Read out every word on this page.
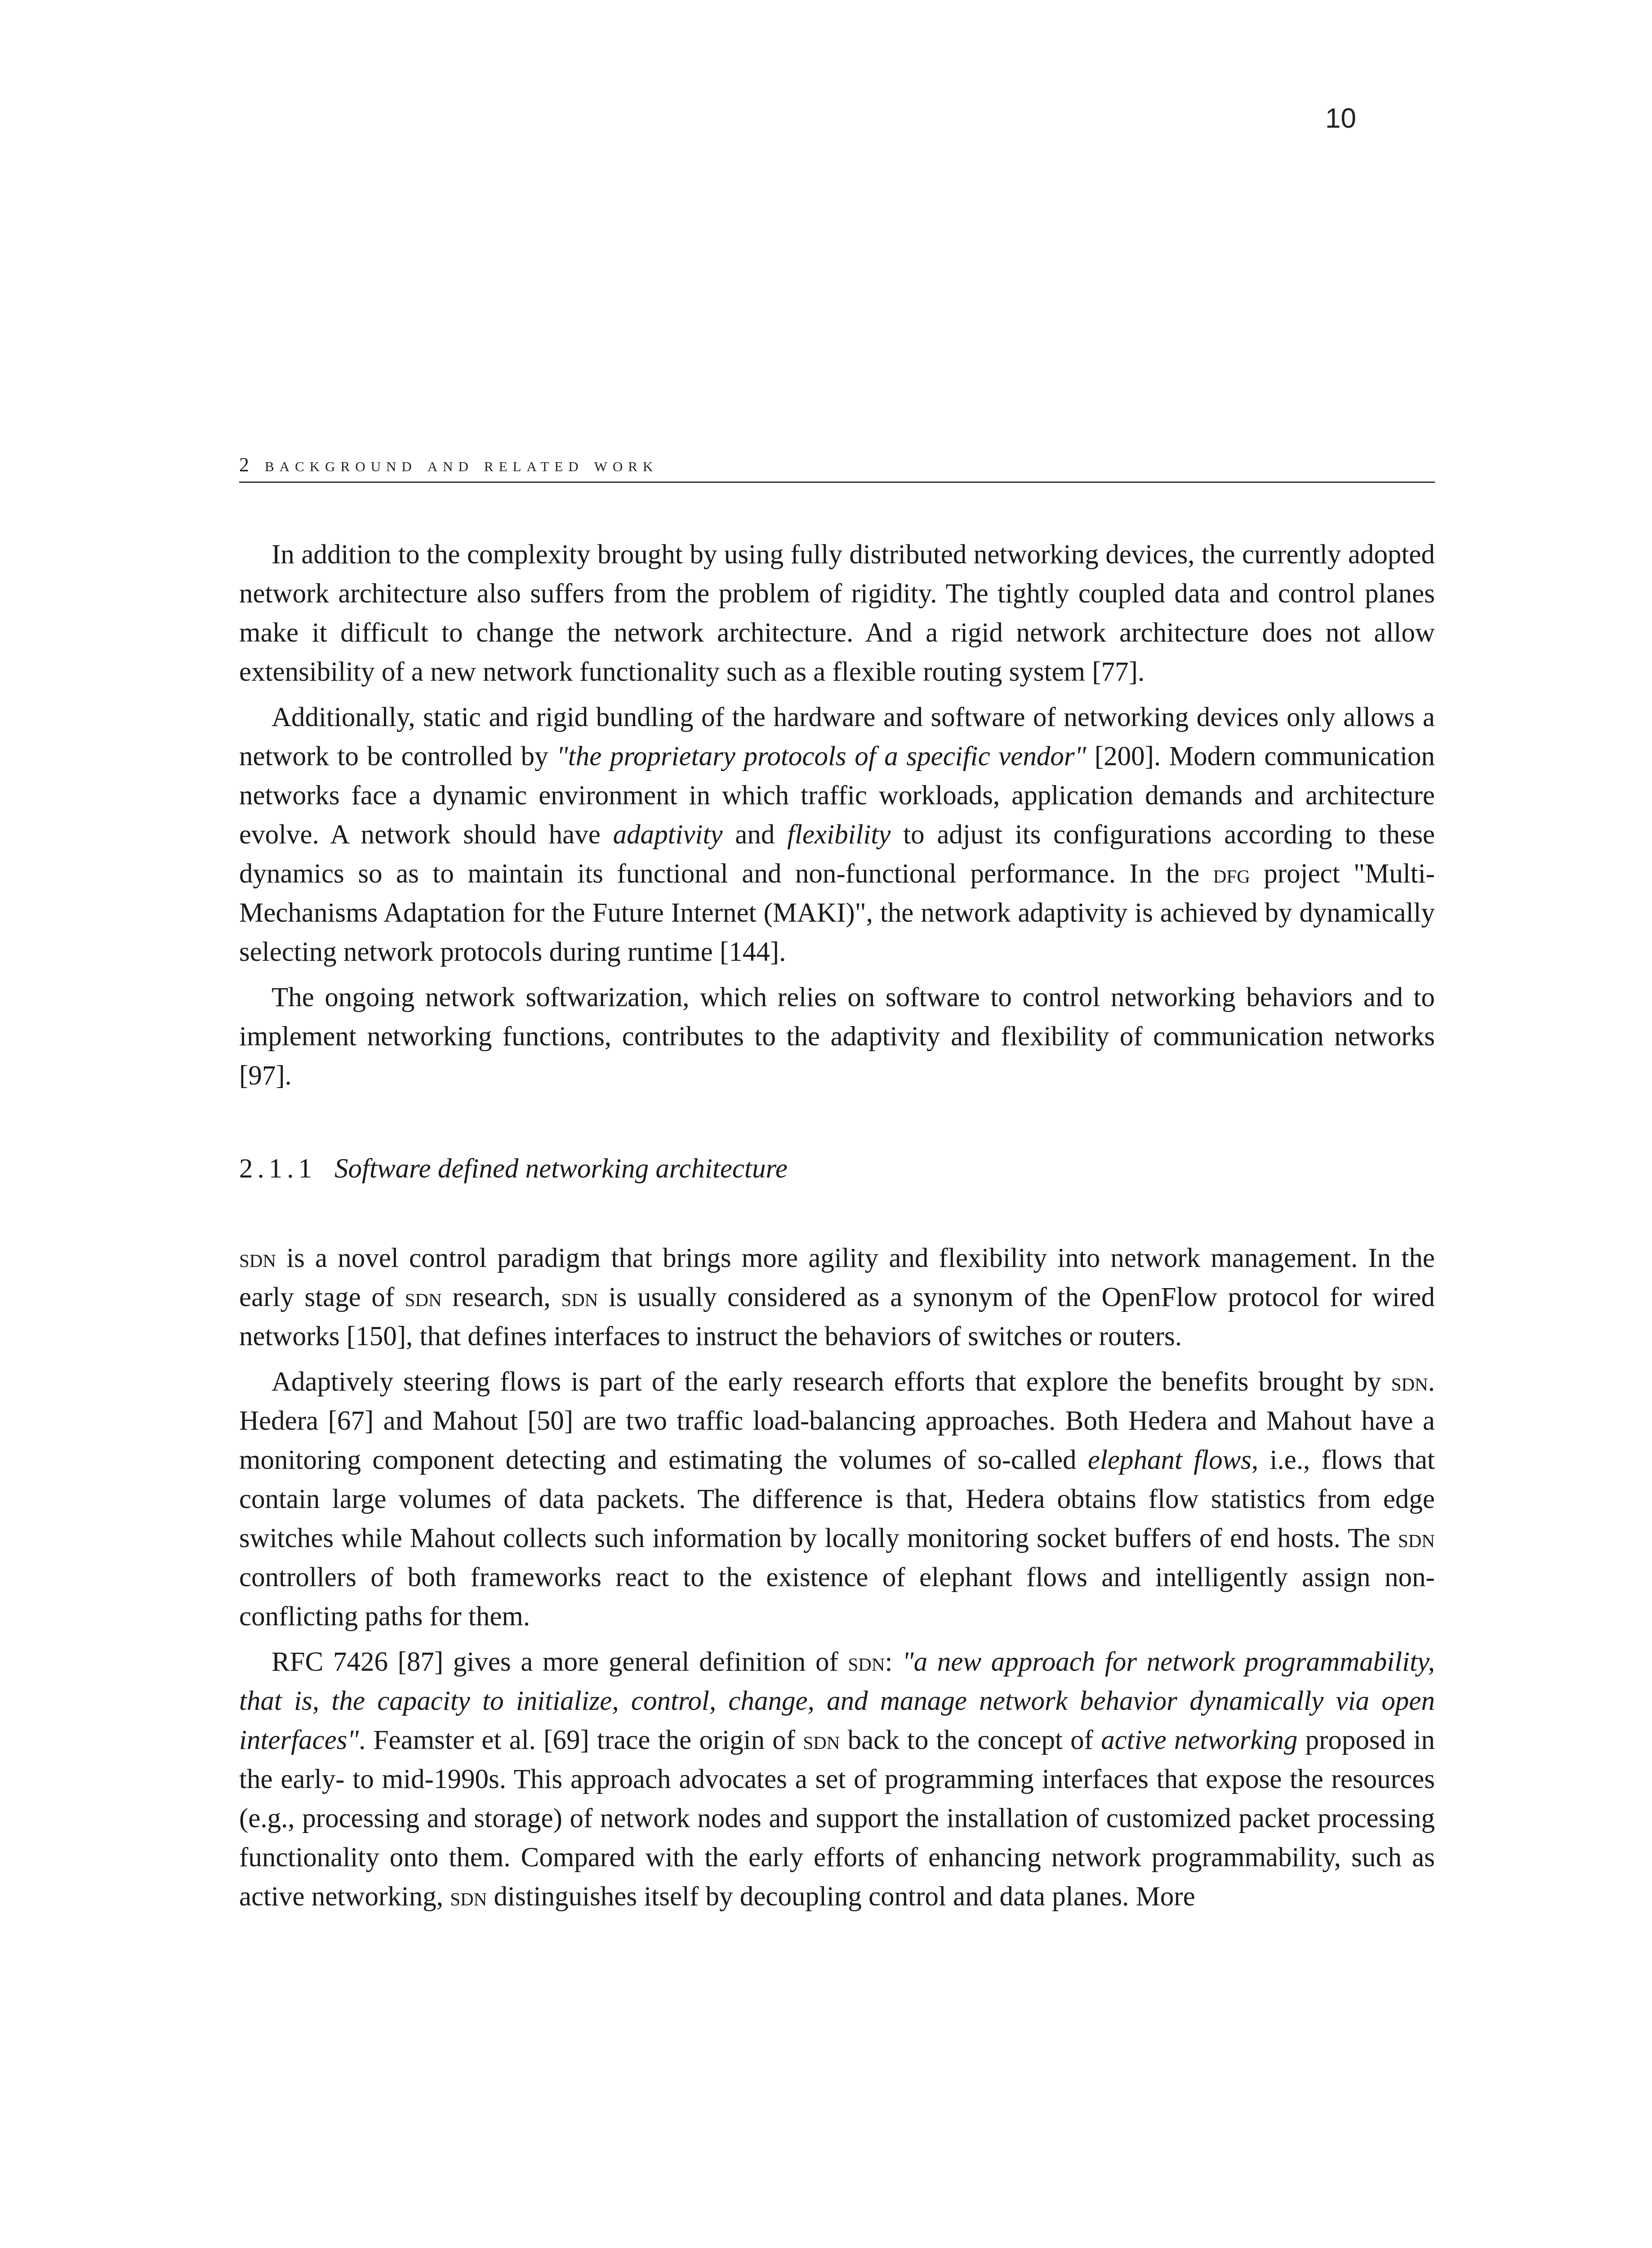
10
2 background and related work

In addition to the complexity brought by using fully distributed networking devices, the currently adopted network architecture also suffers from the problem of rigidity. The tightly coupled data and control planes make it difficult to change the network architecture. And a rigid network architecture does not allow extensibility of a new network functionality such as a flexible routing system [77].

Additionally, static and rigid bundling of the hardware and software of networking devices only allows a network to be controlled by "the proprietary protocols of a specific vendor" [200]. Modern communication networks face a dynamic environment in which traffic workloads, application demands and architecture evolve. A network should have adaptivity and flexibility to adjust its configurations according to these dynamics so as to maintain its functional and non-functional performance. In the dfg project "Multi-Mechanisms Adaptation for the Future Internet (MAKI)", the network adaptivity is achieved by dynamically selecting network protocols during runtime [144].

The ongoing network softwarization, which relies on software to control networking behaviors and to implement networking functions, contributes to the adaptivity and flexibility of communication networks [97].

2.1.1 Software defined networking architecture

sdn is a novel control paradigm that brings more agility and flexibility into network management. In the early stage of sdn research, sdn is usually considered as a synonym of the OpenFlow protocol for wired networks [150], that defines interfaces to instruct the behaviors of switches or routers.

Adaptively steering flows is part of the early research efforts that explore the benefits brought by sdn. Hedera [67] and Mahout [50] are two traffic load-balancing approaches. Both Hedera and Mahout have a monitoring component detecting and estimating the volumes of so-called elephant flows, i.e., flows that contain large volumes of data packets. The difference is that, Hedera obtains flow statistics from edge switches while Mahout collects such information by locally monitoring socket buffers of end hosts. The sdn controllers of both frameworks react to the existence of elephant flows and intelligently assign non-conflicting paths for them.

RFC 7426 [87] gives a more general definition of sdn: "a new approach for network programmability, that is, the capacity to initialize, control, change, and manage network behavior dynamically via open interfaces". Feamster et al. [69] trace the origin of sdn back to the concept of active networking proposed in the early- to mid-1990s. This approach advocates a set of programming interfaces that expose the resources (e.g., processing and storage) of network nodes and support the installation of customized packet processing functionality onto them. Compared with the early efforts of enhancing network programmability, such as active networking, sdn distinguishes itself by decoupling control and data planes. More
